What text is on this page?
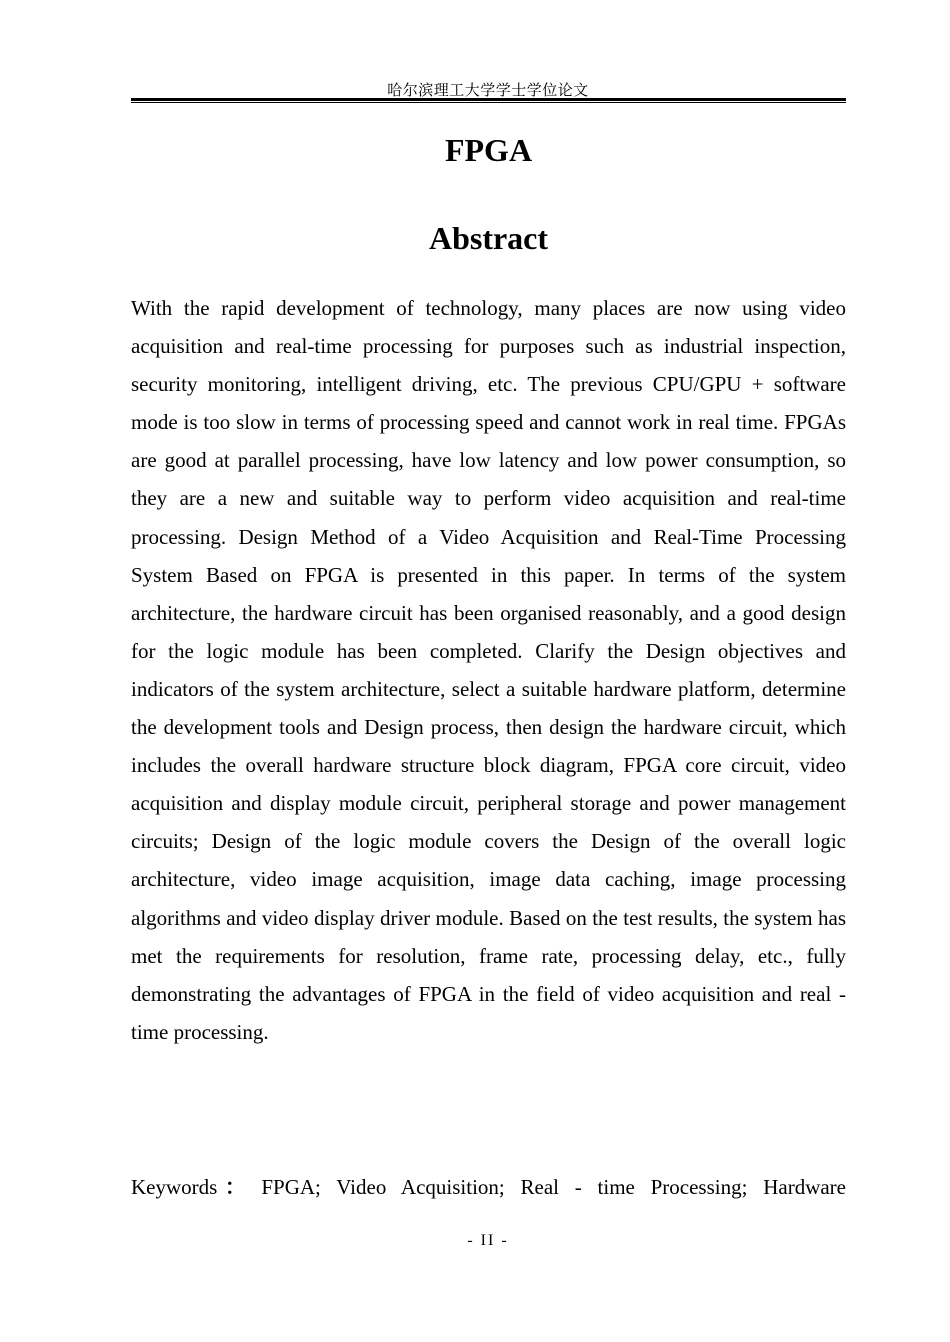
哈尔滨理工大学学士学位论文
FPGA
Abstract

With the rapid development of technology, many places are now using video acquisition and real-time processing for purposes such as industrial inspection, security monitoring, intelligent driving, etc. The previous CPU/GPU + software mode is too slow in terms of processing speed and cannot work in real time. FPGAs are good at parallel processing, have low latency and low power consumption, so they are a new and suitable way to perform video acquisition and real-time processing. Design Method of a Video Acquisition and Real-Time Processing System Based on FPGA is presented in this paper. In terms of the system architecture, the hardware circuit has been organised reasonably, and a good design for the logic module has been completed. Clarify the Design objectives and indicators of the system architecture, select a suitable hardware platform, determine the development tools and Design process, then design the hardware circuit, which includes the overall hardware structure block diagram, FPGA core circuit, video acquisition and display module circuit, peripheral storage and power management circuits; Design of the logic module covers the Design of the overall logic architecture, video image acquisition, image data caching, image processing algorithms and video display driver module. Based on the test results, the system has met the requirements for resolution, frame rate, processing delay, etc., fully demonstrating the advantages of FPGA in the field of video acquisition and real - time processing.

Keywords： FPGA; Video Acquisition; Real - time Processing; Hardware
- II -
